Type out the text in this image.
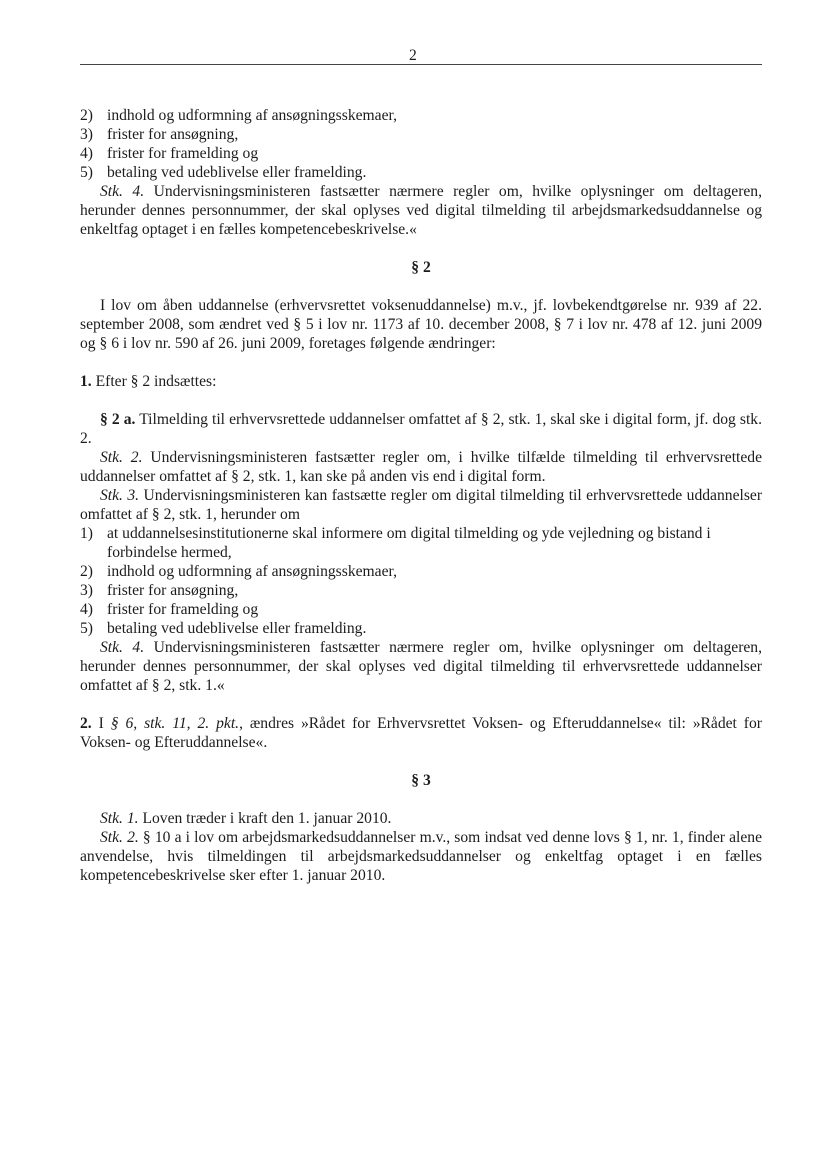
2
2) indhold og udformning af ansøgningsskemaer,
3) frister for ansøgning,
4) frister for framelding og
5) betaling ved udeblivelse eller framelding.
Stk. 4. Undervisningsministeren fastsætter nærmere regler om, hvilke oplysninger om deltageren, herunder dennes personnummer, der skal oplyses ved digital tilmelding til arbejdsmarkedsuddannelse og enkeltfag optaget i en fælles kompetencebeskrivelse.«
§ 2
I lov om åben uddannelse (erhvervsrettet voksenuddannelse) m.v., jf. lovbekendtgørelse nr. 939 af 22. september 2008, som ændret ved § 5 i lov nr. 1173 af 10. december 2008, § 7 i lov nr. 478 af 12. juni 2009 og § 6 i lov nr. 590 af 26. juni 2009, foretages følgende ændringer:
1. Efter § 2 indsættes:
§ 2 a. Tilmelding til erhvervsrettede uddannelser omfattet af § 2, stk. 1, skal ske i digital form, jf. dog stk. 2.
Stk. 2. Undervisningsministeren fastsætter regler om, i hvilke tilfælde tilmelding til erhvervsrettede uddannelser omfattet af § 2, stk. 1, kan ske på anden vis end i digital form.
Stk. 3. Undervisningsministeren kan fastsætte regler om digital tilmelding til erhvervsrettede uddannelser omfattet af § 2, stk. 1, herunder om
1) at uddannelsesinstitutionerne skal informere om digital tilmelding og yde vejledning og bistand i forbindelse hermed,
2) indhold og udformning af ansøgningsskemaer,
3) frister for ansøgning,
4) frister for framelding og
5) betaling ved udeblivelse eller framelding.
Stk. 4. Undervisningsministeren fastsætter nærmere regler om, hvilke oplysninger om deltageren, herunder dennes personnummer, der skal oplyses ved digital tilmelding til erhvervsrettede uddannelser omfattet af § 2, stk. 1.«
2. I § 6, stk. 11, 2. pkt., ændres »Rådet for Erhvervsrettet Voksen- og Efteruddannelse« til: »Rådet for Voksen- og Efteruddannelse«.
§ 3
Stk. 1. Loven træder i kraft den 1. januar 2010.
Stk. 2. § 10 a i lov om arbejdsmarkedsuddannelser m.v., som indsat ved denne lovs § 1, nr. 1, finder alene anvendelse, hvis tilmeldingen til arbejdsmarkedsuddannelser og enkeltfag optaget i en fælles kompetencebeskrivelse sker efter 1. januar 2010.
